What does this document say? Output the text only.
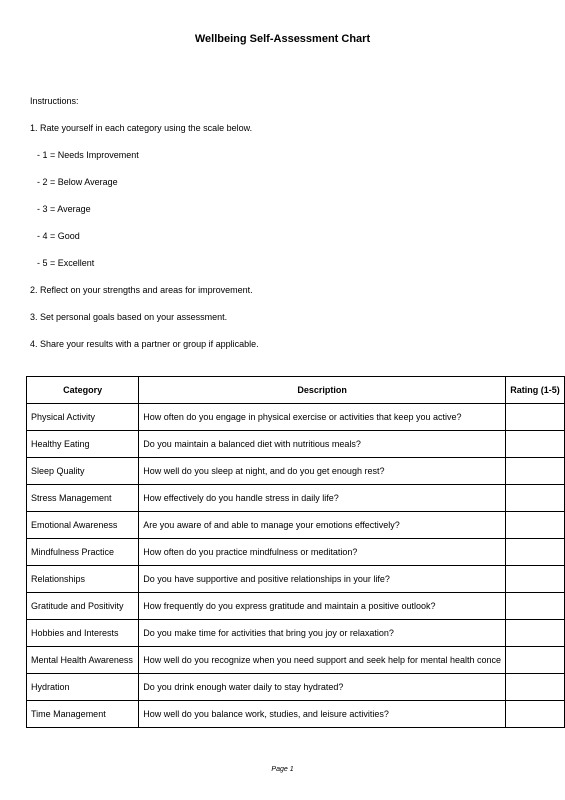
Wellbeing Self-Assessment Chart
Instructions:
1. Rate yourself in each category using the scale below.
- 1 = Needs Improvement
- 2 = Below Average
- 3 = Average
- 4 = Good
- 5 = Excellent
2. Reflect on your strengths and areas for improvement.
3. Set personal goals based on your assessment.
4. Share your results with a partner or group if applicable.
Category	Description	Rating (1-5)
Physical Activity	How often do you engage in physical exercise or activities that keep you active?	
Healthy Eating	Do you maintain a balanced diet with nutritious meals?	
Sleep Quality	How well do you sleep at night, and do you get enough rest?	
Stress Management	How effectively do you handle stress in daily life?	
Emotional Awareness	Are you aware of and able to manage your emotions effectively?	
Mindfulness Practice	How often do you practice mindfulness or meditation?	
Relationships	Do you have supportive and positive relationships in your life?	
Gratitude and Positivity	How frequently do you express gratitude and maintain a positive outlook?	
Hobbies and Interests	Do you make time for activities that bring you joy or relaxation?	
Mental Health Awareness	How well do you recognize when you need support and seek help for mental health conce	
Hydration	Do you drink enough water daily to stay hydrated?	
Time Management	How well do you balance work, studies, and leisure activities?	
Page 1
